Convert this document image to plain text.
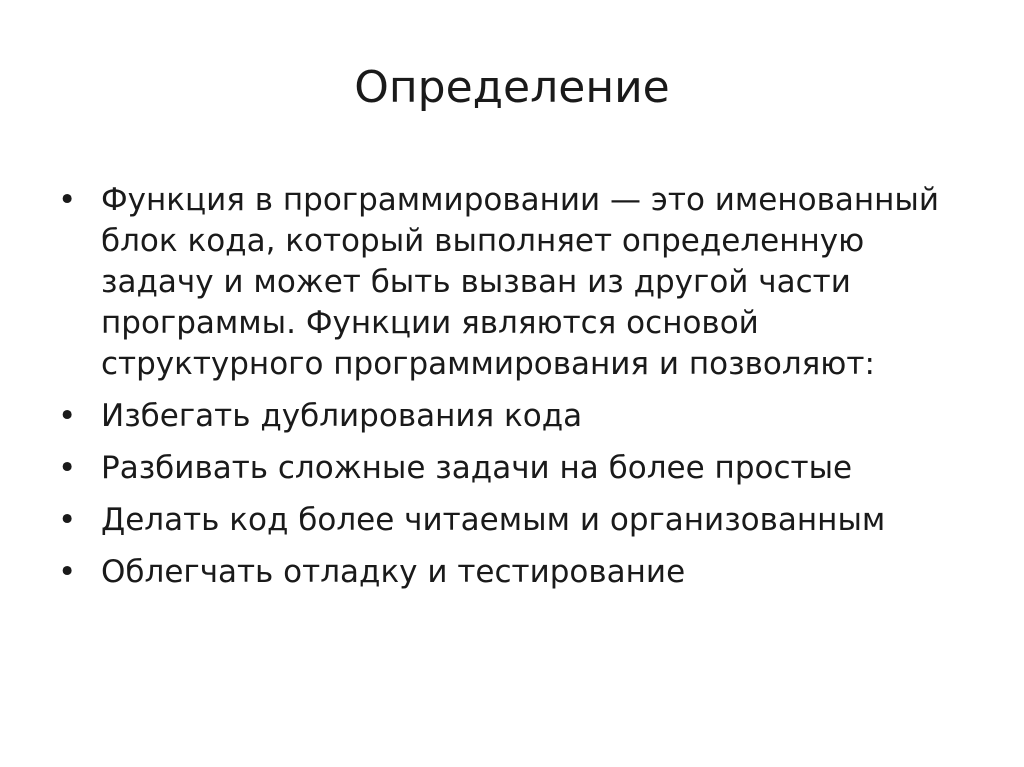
Определение
• Функция в программировании — это именованный блок кода, который выполняет определенную задачу и может быть вызван из другой части программы. Функции являются основой структурного программирования и позволяют:
• Избегать дублирования кода
• Разбивать сложные задачи на более простые
• Делать код более читаемым и организованным
• Облегчать отладку и тестирование
